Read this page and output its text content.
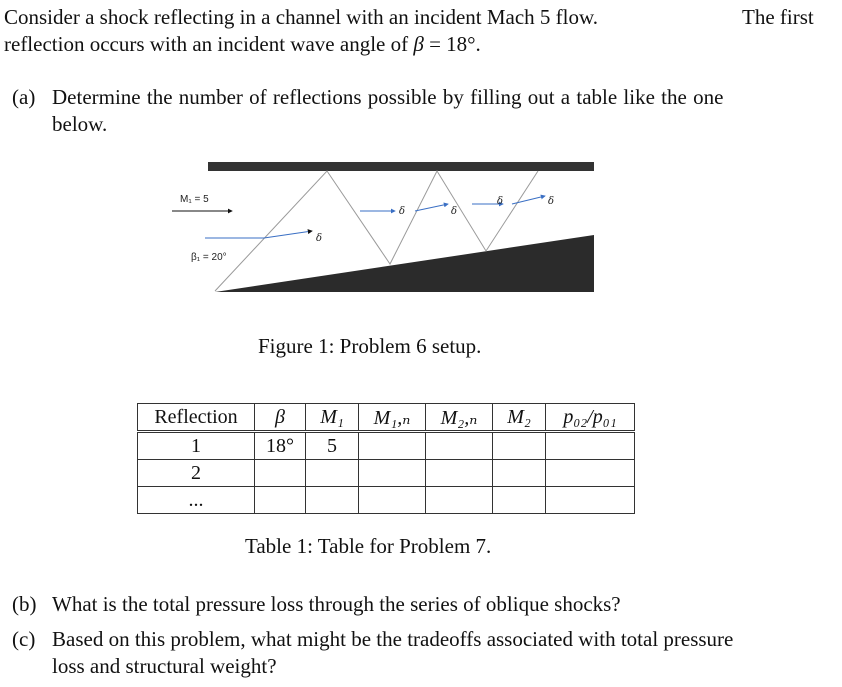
Consider a shock reflecting in a channel with an incident Mach 5 flow.	The first
reflection occurs with an incident wave angle of β = 18°.
(a) Determine the number of reflections possible by filling out a table like the one
below.
M₁ = 5
β₁ = 20°
δ
δ	δ
δ	δ
Figure 1: Problem 6 setup.
Reflection	β	M₁	M₁,ₙ	M₂,ₙ	M₂	p₀₂/p₀₁
1	18°	5				
2						
...						
Table 1: Table for Problem 7.
(b) What is the total pressure loss through the series of oblique shocks?
(c) Based on this problem, what might be the tradeoffs associated with total pressure
loss and structural weight?
